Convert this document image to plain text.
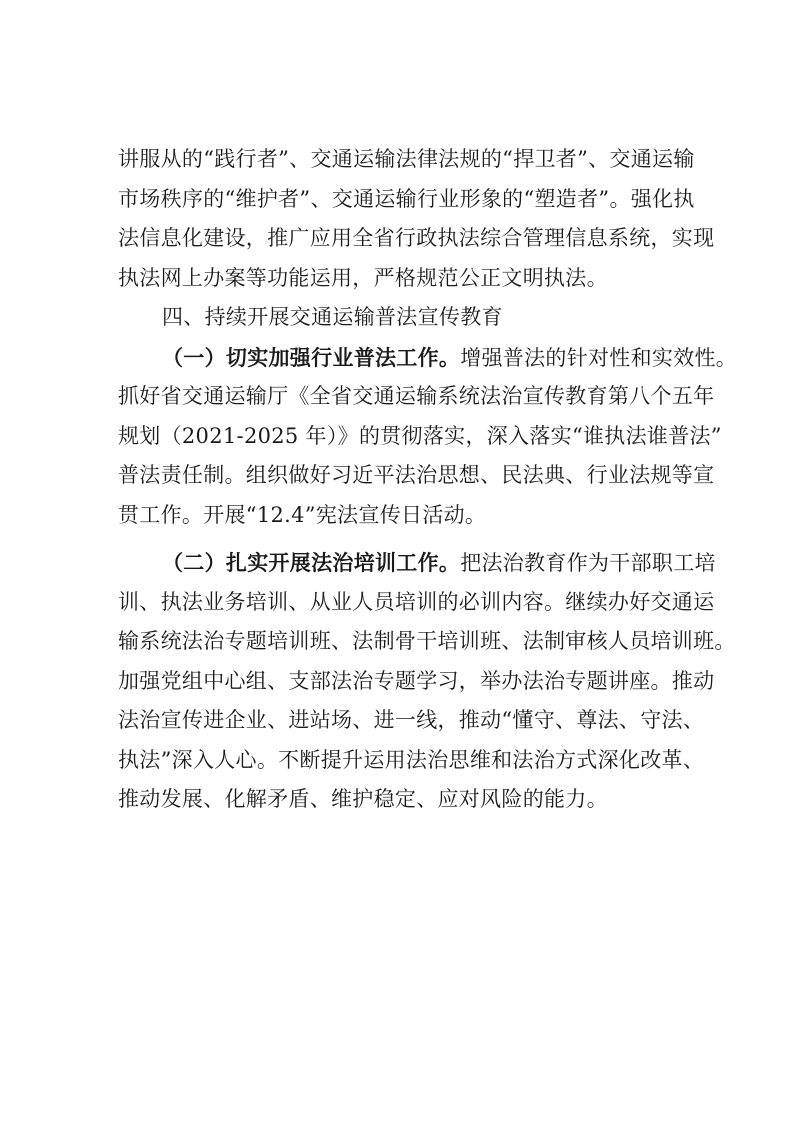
讲服从的“践行者”、交通运输法律法规的“捍卫者”、交通运输
市场秩序的“维护者”、交通运输行业形象的“塑造者”。强化执
法信息化建设，推广应用全省行政执法综合管理信息系统，实现
执法网上办案等功能运用，严格规范公正文明执法。
四、持续开展交通运输普法宣传教育
（一）切实加强行业普法工作。增强普法的针对性和实效性。
抓好省交通运输厅《全省交通运输系统法治宣传教育第八个五年
规划（2021-2025 年）》的贯彻落实，深入落实“谁执法谁普法”
普法责任制。组织做好习近平法治思想、民法典、行业法规等宣
贯工作。开展“12.4”宪法宣传日活动。
（二）扎实开展法治培训工作。把法治教育作为干部职工培
训、执法业务培训、从业人员培训的必训内容。继续办好交通运
输系统法治专题培训班、法制骨干培训班、法制审核人员培训班。
加强党组中心组、支部法治专题学习，举办法治专题讲座。推动
法治宣传进企业、进站场、进一线，推动“懂守、尊法、守法、
执法”深入人心。不断提升运用法治思维和法治方式深化改革、
推动发展、化解矛盾、维护稳定、应对风险的能力。
